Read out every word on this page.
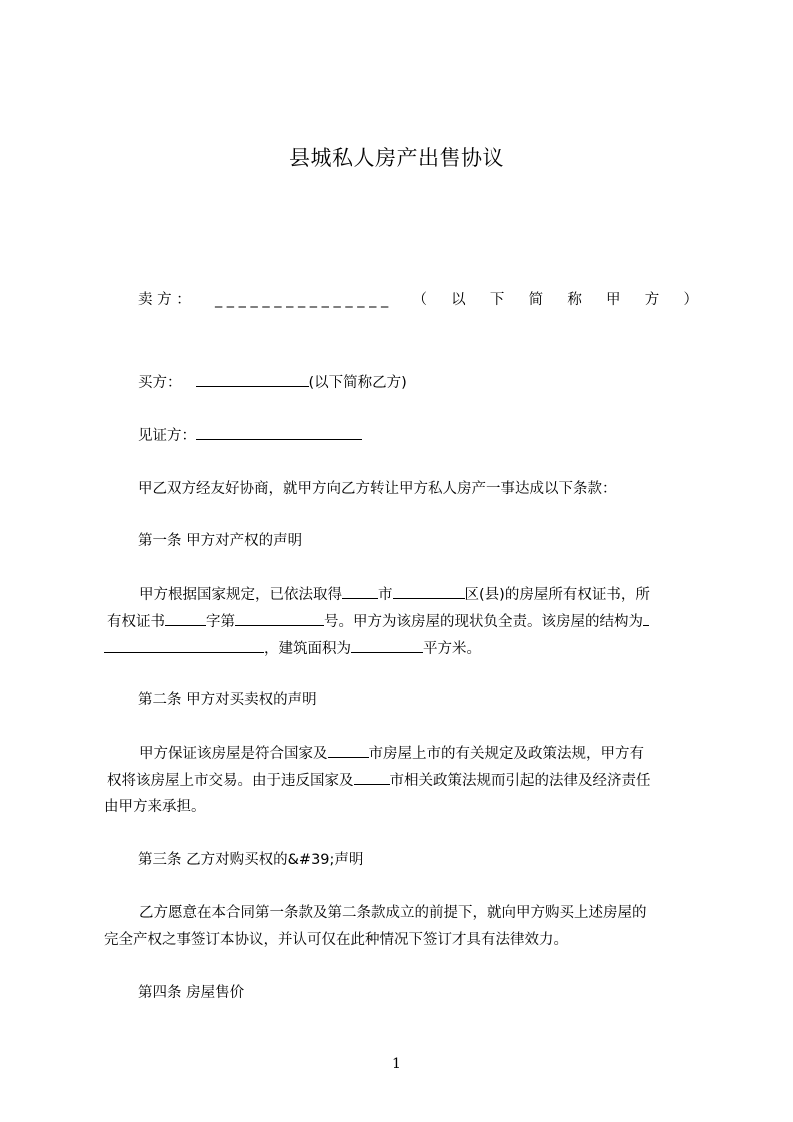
县城私人房产出售协议
卖 方 ： _ _ _ _ _ _ _ _ _ _ _ _ _ _ _ （ 以 下 简 称 甲 方 ）
买方：	(以下简称乙方)
见证方：
甲乙双方经友好协商，就甲方向乙方转让甲方私人房产一事达成以下条款：
第一条 甲方对产权的声明
甲方根据国家规定，已依法取得 市	区(县)的房屋所有权证书，所
有权证书	字第	号。甲方为该房屋的现状负全责。该房屋的结构为
，建筑面积为	平方米。
第二条 甲方对买卖权的声明
甲方保证该房屋是符合国家及	市房屋上市的有关规定及政策法规，甲方有
权将该房屋上市交易。由于违反国家及 市相关政策法规而引起的法律及经济责任
由甲方来承担。
第三条 乙方对购买权的&#39;声明
乙方愿意在本合同第一条款及第二条款成立的前提下，就向甲方购买上述房屋的
完全产权之事签订本协议，并认可仅在此种情况下签订才具有法律效力。
第四条 房屋售价
1
